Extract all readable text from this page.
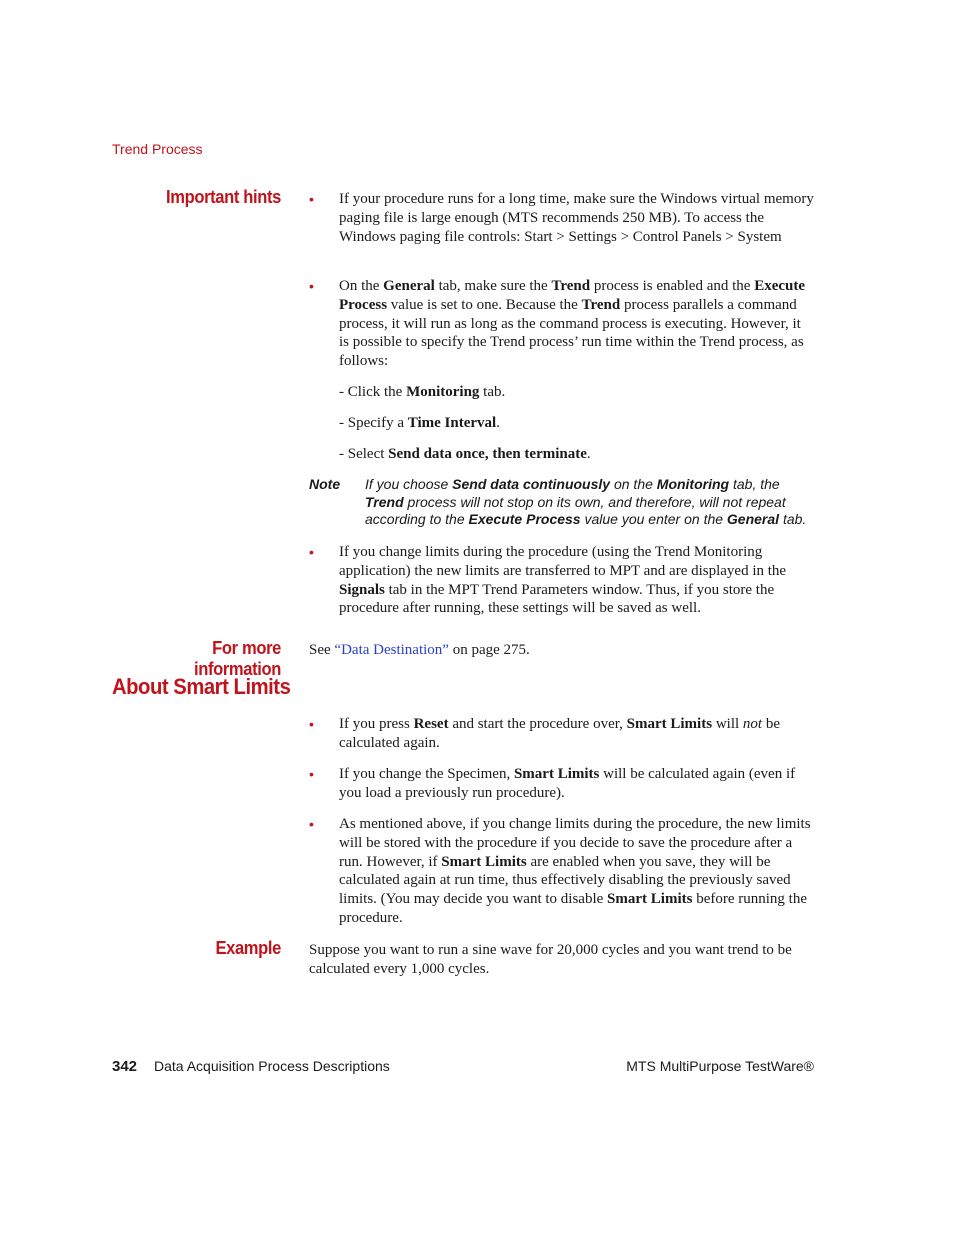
Trend Process
Important hints • If your procedure runs for a long time, make sure the Windows virtual memory paging file is large enough (MTS recommends 250 MB). To access the Windows paging file controls: Start > Settings > Control Panels > System
• On the General tab, make sure the Trend process is enabled and the Execute Process value is set to one. Because the Trend process parallels a command process, it will run as long as the command process is executing. However, it is possible to specify the Trend process’ run time within the Trend process, as follows:
- Click the Monitoring tab.
- Specify a Time Interval.
- Select Send data once, then terminate.
Note If you choose Send data continuously on the Monitoring tab, the Trend process will not stop on its own, and therefore, will not repeat according to the Execute Process value you enter on the General tab.
• If you change limits during the procedure (using the Trend Monitoring application) the new limits are transferred to MPT and are displayed in the Signals tab in the MPT Trend Parameters window. Thus, if you store the procedure after running, these settings will be saved as well.
For more information
See “Data Destination” on page 275.
About Smart Limits
• If you press Reset and start the procedure over, Smart Limits will not be calculated again.
• If you change the Specimen, Smart Limits will be calculated again (even if you load a previously run procedure).
• As mentioned above, if you change limits during the procedure, the new limits will be stored with the procedure if you decide to save the procedure after a run. However, if Smart Limits are enabled when you save, they will be calculated again at run time, thus effectively disabling the previously saved limits. (You may decide you want to disable Smart Limits before running the procedure.
Example Suppose you want to run a sine wave for 20,000 cycles and you want trend to be calculated every 1,000 cycles.
342 Data Acquisition Process Descriptions	MTS MultiPurpose TestWare®
